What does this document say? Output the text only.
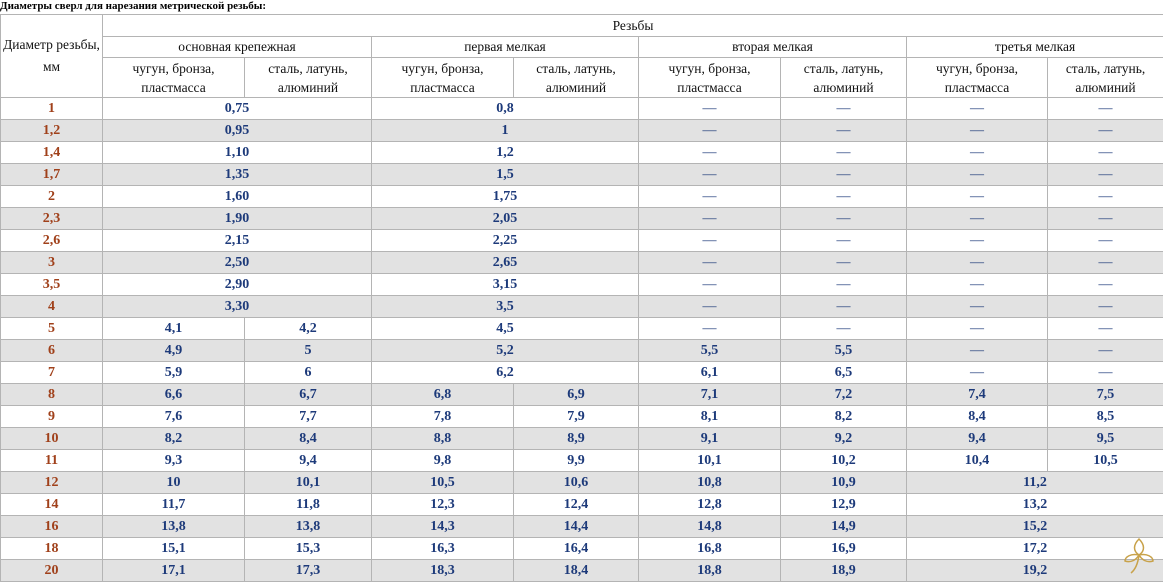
Диаметры сверл для нарезания метрической резьбы:
Диаметр резьбы, мм	Резьбы							
	основная крепежная		первая мелкая		вторая мелкая		третья мелкая	
	чугун, бронза, пластмасса	сталь, латунь, алюминий	чугун, бронза, пластмасса	сталь, латунь, алюминий	чугун, бронза, пластмасса	сталь, латунь, алюминий	чугун, бронза, пластмасса	сталь, латунь, алюминий
1	0,75		0,8		—	—	—	—
1,2	0,95		1		—	—	—	—
1,4	1,10		1,2		—	—	—	—
1,7	1,35		1,5		—	—	—	—
2	1,60		1,75		—	—	—	—
2,3	1,90		2,05		—	—	—	—
2,6	2,15		2,25		—	—	—	—
3	2,50		2,65		—	—	—	—
3,5	2,90		3,15		—	—	—	—
4	3,30		3,5		—	—	—	—
5	4,1	4,2	4,5		—	—	—	—
6	4,9	5	5,2		5,5	5,5	—	—
7	5,9	6	6,2		6,1	6,5	—	—
8	6,6	6,7	6,8	6,9	7,1	7,2	7,4	7,5
9	7,6	7,7	7,8	7,9	8,1	8,2	8,4	8,5
10	8,2	8,4	8,8	8,9	9,1	9,2	9,4	9,5
11	9,3	9,4	9,8	9,9	10,1	10,2	10,4	10,5
12	10	10,1	10,5	10,6	10,8	10,9	11,2	
14	11,7	11,8	12,3	12,4	12,8	12,9	13,2	
16	13,8	13,8	14,3	14,4	14,8	14,9	15,2	
18	15,1	15,3	16,3	16,4	16,8	16,9	17,2	
20	17,1	17,3	18,3	18,4	18,8	18,9	19,2	
